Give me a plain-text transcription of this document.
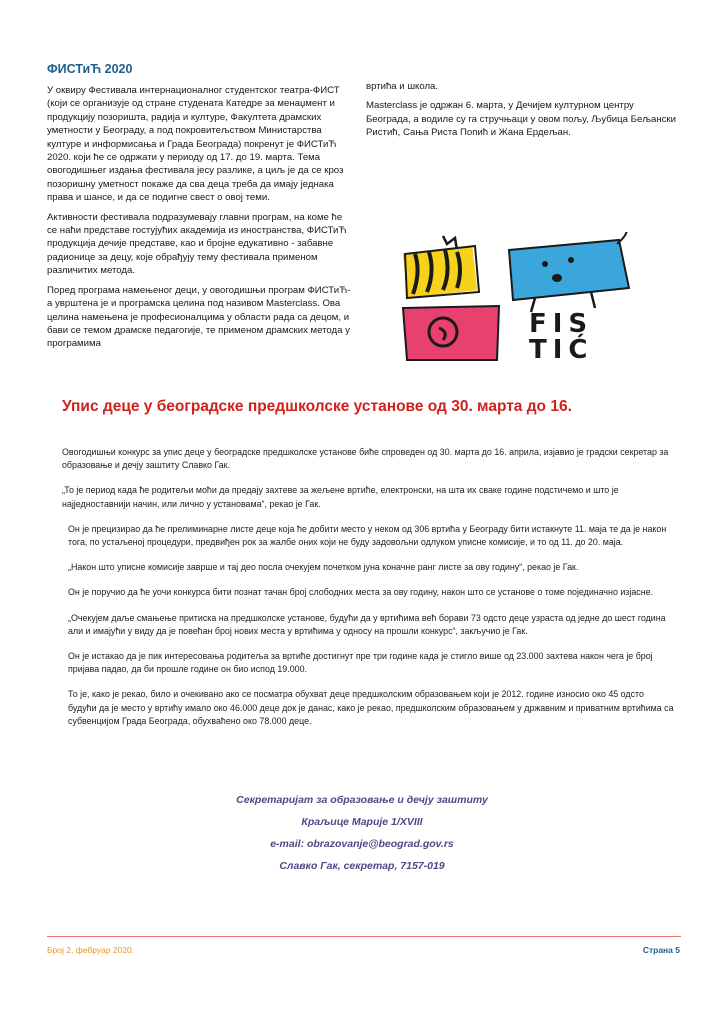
ФИСТиЋ 2020

У оквиру Фестивала интернационалног студентског театра-ФИСТ (који се организује од стране студената Катедре за менаџмент и продукцију позоришта, радија и културе, Факултета драмских уметности у Београду, а под покровитељством Министарства културе и информисања и Града Београда) покренут је ФИСТиЋ 2020. који ће се одржати у периоду од 17. до 19. марта. Тема овогодишњег издања фестивала јесу разлике, а циљ је да се кроз позоришну уметност покаже да сва деца треба да имају једнака права и шансе, и да се подигне свест о овој теми.

Активности фестивала подразумевају главни програм, на коме ће се наћи представе гостујућих академија из иностранства, ФИСТиЋ продукција дечије представе, као и бројне едукативно - забавне радионице за децу, које обрађују тему фестивала применом различитих метода.

Поред програма намењеног деци, у овогодишњи програм ФИСТиЋ-а уврштена је и програмска целина под називом Masterclass. Ова целина намењена је професионалцима у области рада са децом, и бави се темом драмске педагогије, те применом драмских метода у програмима

вртића и школа.

Masterclass је одржан 6. марта, у Дечијем културном центру Београда, а водиле су га стручњаци у овом пољу, Љубица Бељански Ристић, Сања Риста Попић и Жана Ердељан.

FIS
TIĆ
Упис деце у београдске предшколске установе од 30. марта до 16.

Овогодишњи конкурс за упис деце у београдске предшколске установе биће спроведен од 30. марта до 16. априла, изјавио је градски секретар за образовање и дечју заштиту Славко Гак.

„То је период када ће родитељи моћи да предају захтеве за жељене вртиће, електронски, на шта их сваке године подстичемо и што је најједноставнији начин, или лично у установама“, рекао је Гак.

Он је прецизирао да ће прелиминарне листе деце која ће добити место у неком од 306 вртића у Београду бити истакнуте 11. маја те да је након тога, по устаљеној процедури, предвиђен рок за жалбе оних који не буду задовољни одлуком уписне комисије, и то од 11. до 20. маја.

„Након што уписне комисије заврше и тај део посла очекујем почетком јуна коначне ранг листе за ову годину“, рекао је Гак.

Он је поручио да ће уочи конкурса бити познат тачан број слободних места за ову годину, након што се установе о томе појединачно изјасне.

„Очекујем даље смањење притиска на предшколске установе, будући да у вртићима већ борави 73 одсто деце узраста од једне до шест година али и имајући у виду да је повећан број нових места у вртићима у односу на прошли конкурс“, закључио је Гак.

Он је истакао да је пик интересовања родитеља за вртиће достигнут пре три године када је стигло више од 23.000 захтева након чега је број пријава падао, да би прошле године он био испод 19.000.

То је, како је рекао, било и очекивано ако се посматра обухват деце предшколским образовањем који је 2012. године износио око 45 одсто будући да је место у вртићу имало око 46.000 деце док је данас, како је рекао, предшколским образовањем у државним и приватним вртићима са субвенцијом Града Београда, обухваћено око 78.000 деце.

Секретаријат за образовање и дечју заштиту
Краљице Марије 1/XVIII
e-mail: obrazovanje@beograd.gov.rs
Славко Гак, секретар, 7157-019
Број 2, фебруар 2020.	Страна 5
